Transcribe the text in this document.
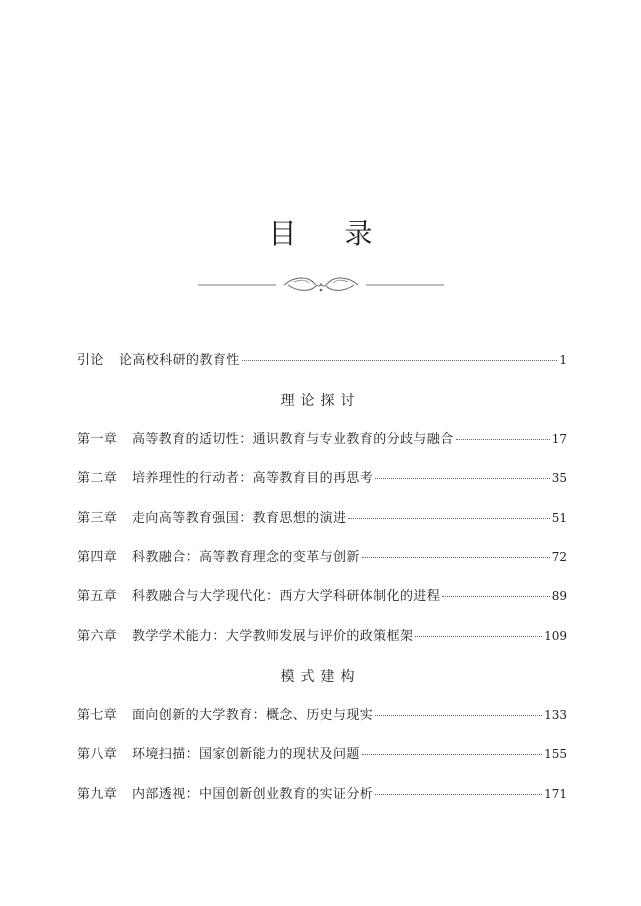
目 录
引论 论高校科研的教育性	1
理论探讨
第一章 高等教育的适切性：通识教育与专业教育的分歧与融合	17
第二章 培养理性的行动者：高等教育目的再思考	35
第三章 走向高等教育强国：教育思想的演进	51
第四章 科教融合：高等教育理念的变革与创新	72
第五章 科教融合与大学现代化：西方大学科研体制化的进程	89
第六章 教学学术能力：大学教师发展与评价的政策框架	109
模式建构
第七章 面向创新的大学教育：概念、历史与现实	133
第八章 环境扫描：国家创新能力的现状及问题	155
第九章 内部透视：中国创新创业教育的实证分析	171
